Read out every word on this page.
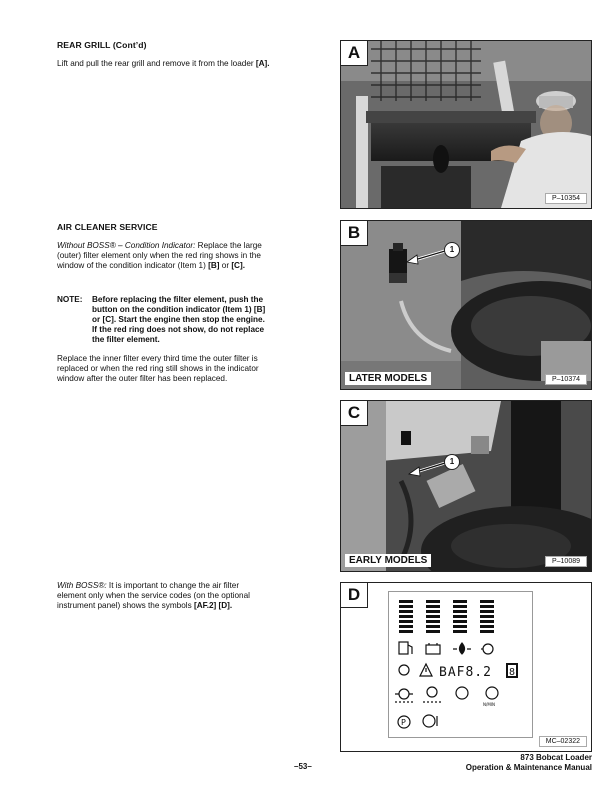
REAR GRILL (Cont’d)
Lift and pull the rear grill and remove it from the loader [A].
AIR CLEANER SERVICE
Without BOSS® – Condition Indicator: Replace the large
(outer) filter element only when the red ring shows in the
window of the condition indicator (Item 1) [B] or [C].
NOTE: Before replacing the filter element, push the
button on the condition indicator (Item 1) [B]
or [C]. Start the engine then stop the engine.
If the red ring does not show, do not replace
the filter element.
Replace the inner filter every third time the outer filter is
replaced or when the red ring still shows in the indicator
window after the outer filter has been replaced.
With BOSS®: It is important to change the air filter
element only when the service codes (on the optional
instrument panel) shows the symbols [AF.2] [D].
A
P–10354
B
1
LATER MODELS	P–10374
C
1
EARLY MODELS	P–10089
D
ΒΑF8.2 8
N/MIN
P
MC–02322
–53–
873 Bobcat Loader
Operation & Maintenance Manual
